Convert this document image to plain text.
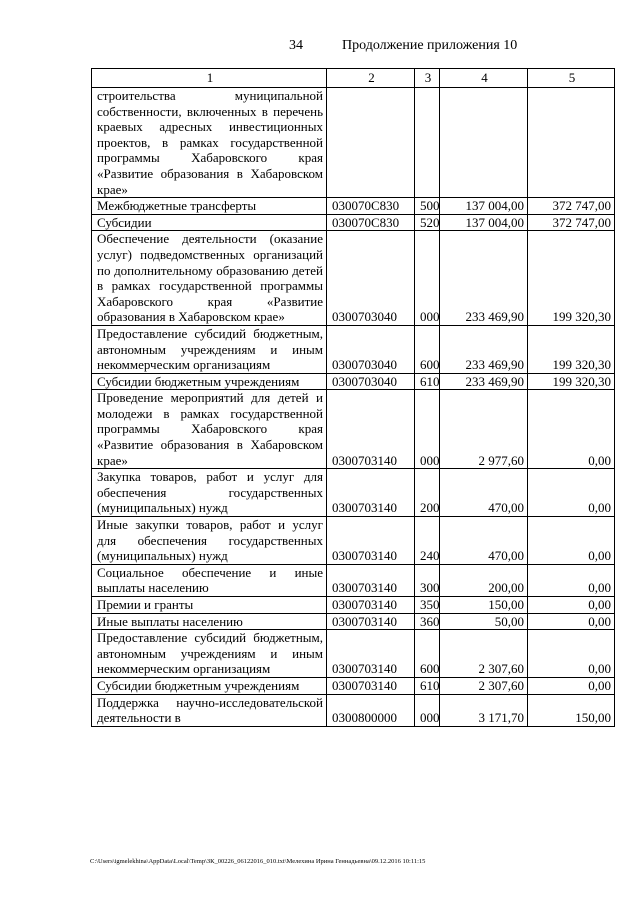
34	Продолжение приложения 10
1	2	3	4	5
строительства муниципальной собственности, включенных в перечень краевых адресных инвестиционных проектов, в рамках государственной программы Хабаровского края «Развитие образования в Хабаровском крае»				
Межбюджетные трансферты	030070С830	500	137 004,00	372 747,00
Субсидии	030070С830	520	137 004,00	372 747,00
Обеспечение деятельности (оказание услуг) подведомственных организаций по дополнительному образованию детей в рамках государственной программы Хабаровского края «Развитие образования в Хабаровском крае»	0300703040	000	233 469,90	199 320,30
Предоставление субсидий бюджетным, автономным учреждениям и иным некоммерческим организациям	0300703040	600	233 469,90	199 320,30
Субсидии бюджетным учреждениям	0300703040	610	233 469,90	199 320,30
Проведение мероприятий для детей и молодежи в рамках государственной программы Хабаровского края «Развитие образования в Хабаровском крае»	0300703140	000	2 977,60	0,00
Закупка товаров, работ и услуг для обеспечения государственных (муниципальных) нужд	0300703140	200	470,00	0,00
Иные закупки товаров, работ и услуг для обеспечения государственных (муниципальных) нужд	0300703140	240	470,00	0,00
Социальное обеспечение и иные выплаты населению	0300703140	300	200,00	0,00
Премии и гранты	0300703140	350	150,00	0,00
Иные выплаты населению	0300703140	360	50,00	0,00
Предоставление субсидий бюджетным, автономным учреждениям и иным некоммерческим организациям	0300703140	600	2 307,60	0,00
Субсидии бюджетным учреждениям	0300703140	610	2 307,60	0,00
Поддержка научно-исследовательской деятельности в	0300800000	000	3 171,70	150,00
C:\Users\igmelekhina\AppData\Local\Temp\ЗК_00226_06122016_010.txt\Мелехина Ирина Геннадьевна\09.12.2016 10:11:15
